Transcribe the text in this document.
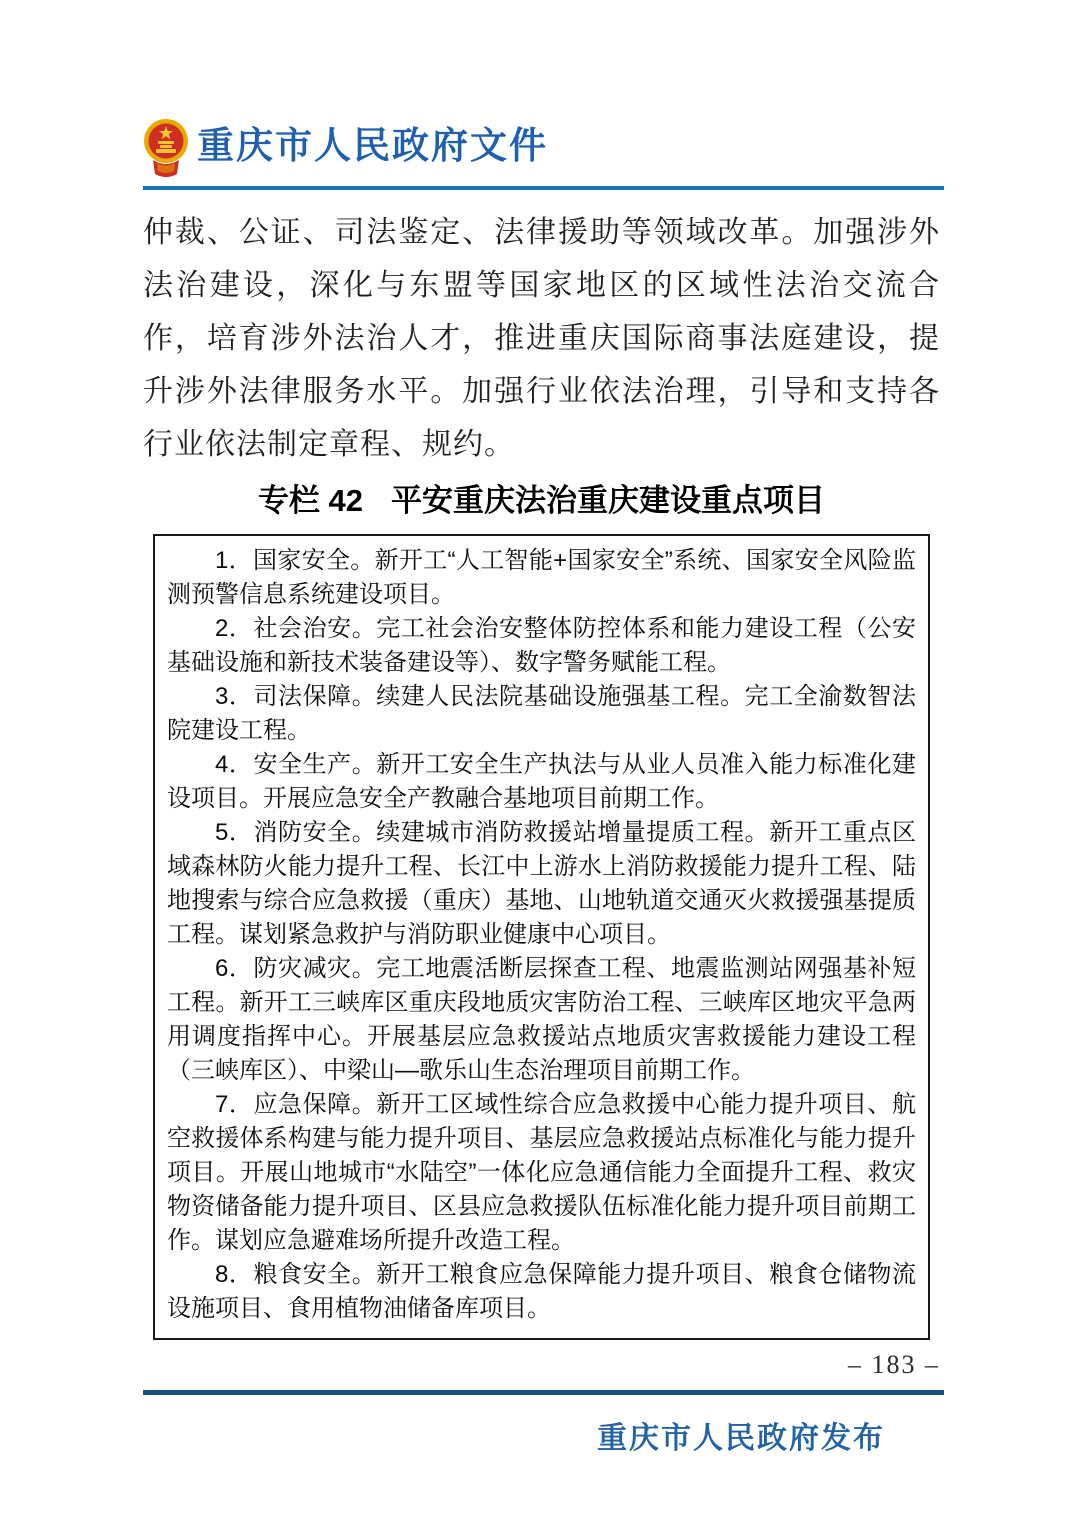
重庆市人民政府文件

仲裁、公证、司法鉴定、法律援助等领域改革。加强涉外法治建设，深化与东盟等国家地区的区域性法治交流合作，培育涉外法治人才，推进重庆国际商事法庭建设，提升涉外法律服务水平。加强行业依法治理，引导和支持各行业依法制定章程、规约。

专栏 42 平安重庆法治重庆建设重点项目

1．国家安全。新开工“人工智能+国家安全”系统、国家安全风险监测预警信息系统建设项目。

2．社会治安。完工社会治安整体防控体系和能力建设工程（公安基础设施和新技术装备建设等）、数字警务赋能工程。

3．司法保障。续建人民法院基础设施强基工程。完工全渝数智法院建设工程。

4．安全生产。新开工安全生产执法与从业人员准入能力标准化建设项目。开展应急安全产教融合基地项目前期工作。

5．消防安全。续建城市消防救援站增量提质工程。新开工重点区域森林防火能力提升工程、长江中上游水上消防救援能力提升工程、陆地搜索与综合应急救援（重庆）基地、山地轨道交通灭火救援强基提质工程。谋划紧急救护与消防职业健康中心项目。

6．防灾减灾。完工地震活断层探查工程、地震监测站网强基补短工程。新开工三峡库区重庆段地质灾害防治工程、三峡库区地灾平急两用调度指挥中心。开展基层应急救援站点地质灾害救援能力建设工程（三峡库区）、中梁山—歌乐山生态治理项目前期工作。

7．应急保障。新开工区域性综合应急救援中心能力提升项目、航空救援体系构建与能力提升项目、基层应急救援站点标准化与能力提升项目。开展山地城市“水陆空”一体化应急通信能力全面提升工程、救灾物资储备能力提升项目、区县应急救援队伍标准化能力提升项目前期工作。谋划应急避难场所提升改造工程。

8．粮食安全。新开工粮食应急保障能力提升项目、粮食仓储物流设施项目、食用植物油储备库项目。

– 183 –
重庆市人民政府发布
